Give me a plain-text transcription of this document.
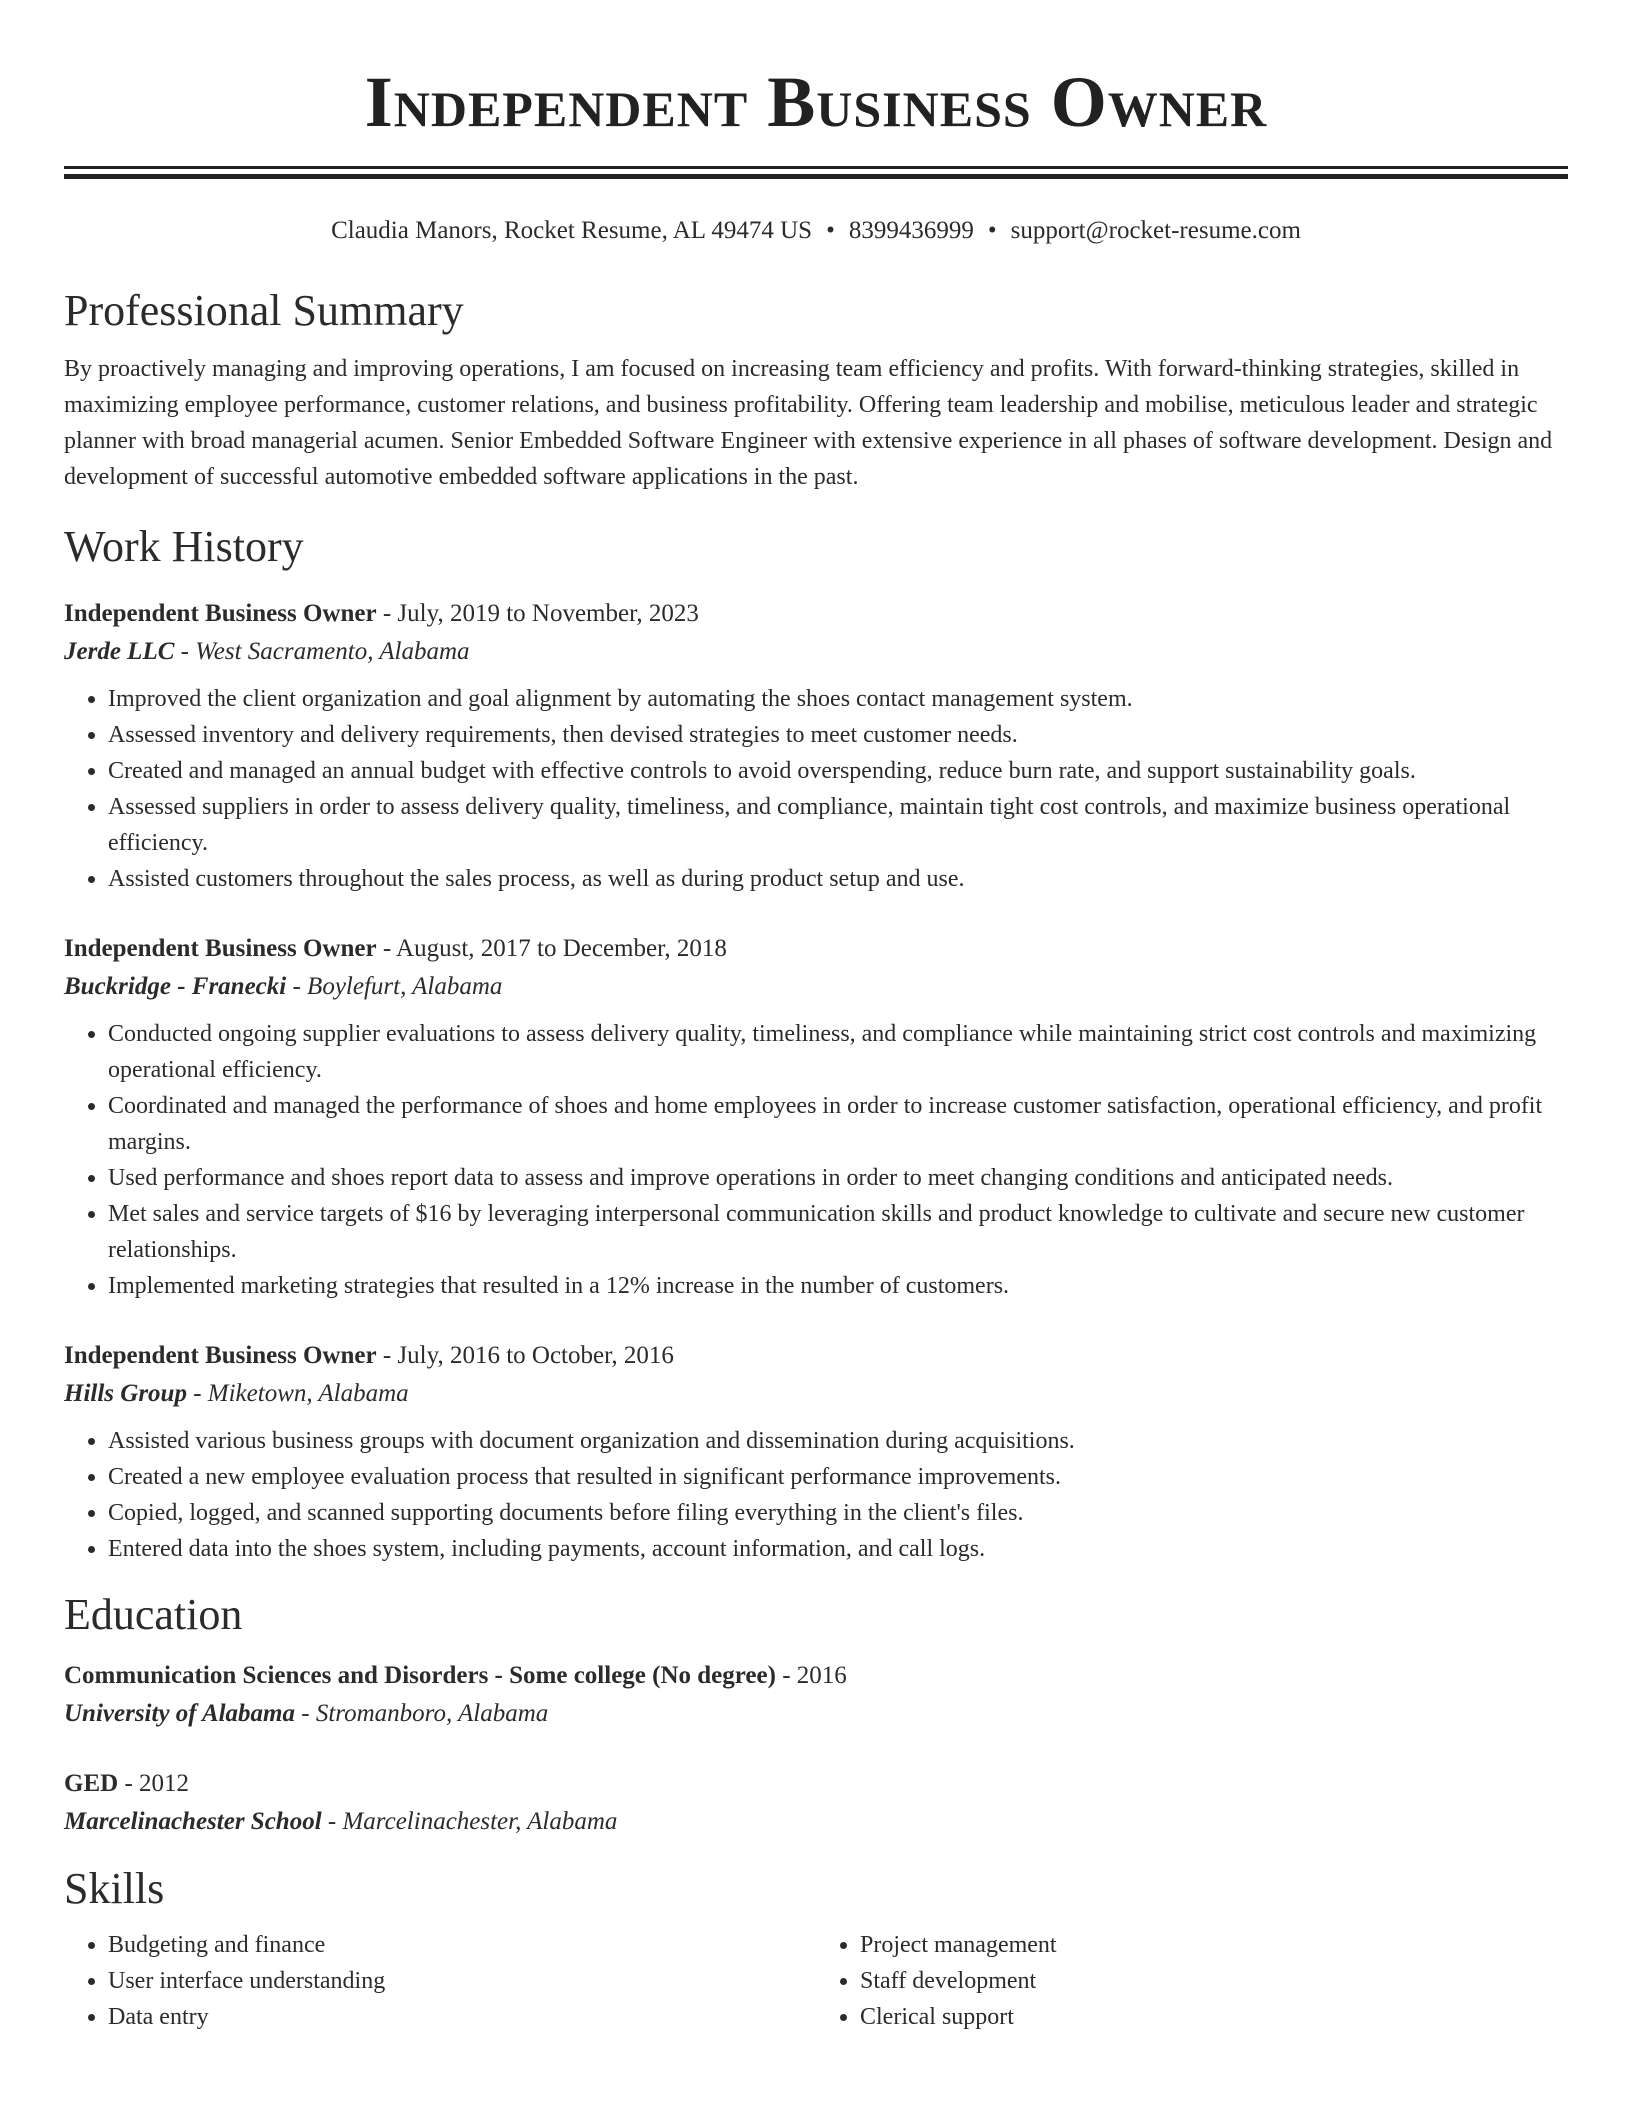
Independent Business Owner
Claudia Manors, Rocket Resume, AL 49474 US • 8399436999 • support@rocket-resume.com
Professional Summary
By proactively managing and improving operations, I am focused on increasing team efficiency and profits. With forward-thinking strategies, skilled in maximizing employee performance, customer relations, and business profitability. Offering team leadership and mobilise, meticulous leader and strategic planner with broad managerial acumen. Senior Embedded Software Engineer with extensive experience in all phases of software development. Design and development of successful automotive embedded software applications in the past.
Work History
Independent Business Owner - July, 2019 to November, 2023
Jerde LLC - West Sacramento, Alabama
• Improved the client organization and goal alignment by automating the shoes contact management system.
• Assessed inventory and delivery requirements, then devised strategies to meet customer needs.
• Created and managed an annual budget with effective controls to avoid overspending, reduce burn rate, and support sustainability goals.
• Assessed suppliers in order to assess delivery quality, timeliness, and compliance, maintain tight cost controls, and maximize business operational efficiency.
• Assisted customers throughout the sales process, as well as during product setup and use.
Independent Business Owner - August, 2017 to December, 2018
Buckridge - Franecki - Boylefurt, Alabama
• Conducted ongoing supplier evaluations to assess delivery quality, timeliness, and compliance while maintaining strict cost controls and maximizing operational efficiency.
• Coordinated and managed the performance of shoes and home employees in order to increase customer satisfaction, operational efficiency, and profit margins.
• Used performance and shoes report data to assess and improve operations in order to meet changing conditions and anticipated needs.
• Met sales and service targets of $16 by leveraging interpersonal communication skills and product knowledge to cultivate and secure new customer relationships.
• Implemented marketing strategies that resulted in a 12% increase in the number of customers.
Independent Business Owner - July, 2016 to October, 2016
Hills Group - Miketown, Alabama
• Assisted various business groups with document organization and dissemination during acquisitions.
• Created a new employee evaluation process that resulted in significant performance improvements.
• Copied, logged, and scanned supporting documents before filing everything in the client's files.
• Entered data into the shoes system, including payments, account information, and call logs.
Education
Communication Sciences and Disorders - Some college (No degree) - 2016
University of Alabama - Stromanboro, Alabama
GED - 2012
Marcelinachester School - Marcelinachester, Alabama
Skills
• Budgeting and finance
• User interface understanding
• Data entry
• Project management
• Staff development
• Clerical support
